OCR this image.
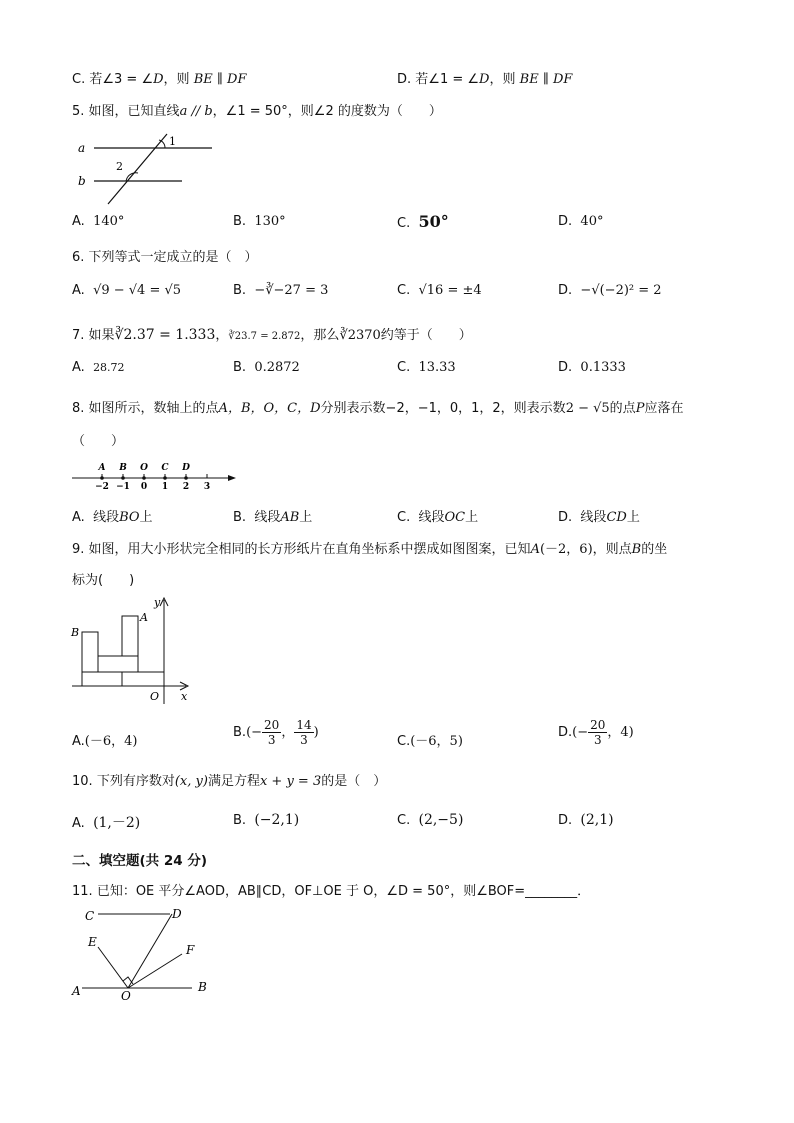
C. 若∠3 = ∠D，则 BE ∥ DF	D. 若∠1 = ∠D，则 BE ∥ DF
5. 如图，已知直线a // b，∠1 = 50°，则∠2 的度数为（　　）
a
b
1
2
A. 140°	B. 130°	C. 50°	D. 40°
6. 下列等式一定成立的是（　）
A. √9 − √4 = √5	B. −∛−27 = 3	C. √16 = ±4	D. −√(−2)² = 2
7. 如果∛2.37 = 1.333，∛23.7 = 2.872，那么∛2370约等于（　　）
A. 28.72	B. 0.2872	C. 13.33	D. 0.1333
8. 如图所示，数轴上的点A，B，O，C，D分别表示数−2，−1，0，1，2，则表示数2 − √5的点P应落在
（　　）
A B O C D
−2 −1 0 1 2 3
A. 线段BO上	B. 线段AB上	C. 线段OC上	D. 线段CD上
9. 如图，用大小形状完全相同的长方形纸片在直角坐标系中摆成如图图案，已知A(－2，6)，则点B的坐
标为(　　)
B
A
O x
y
A.(－6，4)
$B.(- \frac{20}{3}$ ， $\frac{14}{3}$ )
C.(－6，5)
$D.(- \frac{20}{3}$ ，4)
10. 下列有序数对(x, y)满足方程x + y = 3的是（　）
A. (1,－2)	B. (−2,1)	C. (2,−5)	D. (2,1)
二、填空题(共 24 分)
11. 已知：OE 平分∠AOD，AB∥CD，OF⊥OE 于 O，∠D = 50°，则∠BOF=________．
C	D
E
F
A	O
B
